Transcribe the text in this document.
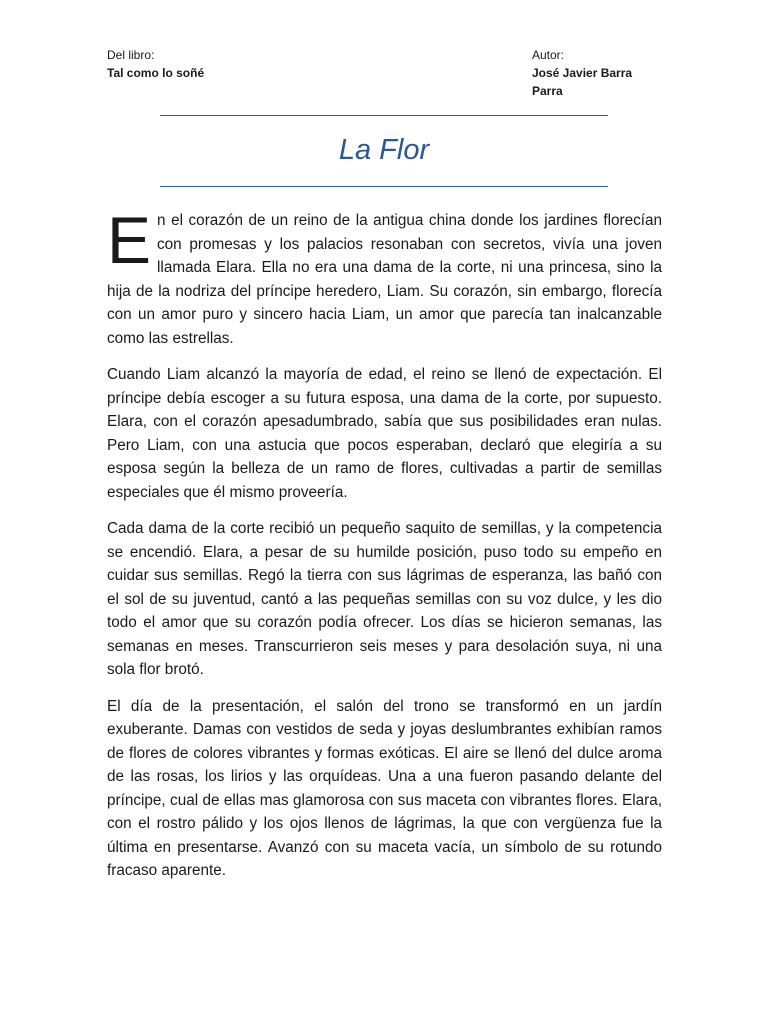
Del libro:
Tal como lo soñé
Autor:
José Javier Barra Parra
La Flor

En el corazón de un reino de la antigua china donde los jardines florecían con promesas y los palacios resonaban con secretos, vivía una joven llamada Elara. Ella no era una dama de la corte, ni una princesa, sino la hija de la nodriza del príncipe heredero, Liam. Su corazón, sin embargo, florecía con un amor puro y sincero hacia Liam, un amor que parecía tan inalcanzable como las estrellas.

Cuando Liam alcanzó la mayoría de edad, el reino se llenó de expectación. El príncipe debía escoger a su futura esposa, una dama de la corte, por supuesto. Elara, con el corazón apesadumbrado, sabía que sus posibilidades eran nulas. Pero Liam, con una astucia que pocos esperaban, declaró que elegiría a su esposa según la belleza de un ramo de flores, cultivadas a partir de semillas especiales que él mismo proveería.

Cada dama de la corte recibió un pequeño saquito de semillas, y la competencia se encendió. Elara, a pesar de su humilde posición, puso todo su empeño en cuidar sus semillas. Regó la tierra con sus lágrimas de esperanza, las bañó con el sol de su juventud, cantó a las pequeñas semillas con su voz dulce, y les dio todo el amor que su corazón podía ofrecer. Los días se hicieron semanas, las semanas en meses. Transcurrieron seis meses y para desolación suya, ni una sola flor brotó.

El día de la presentación, el salón del trono se transformó en un jardín exuberante. Damas con vestidos de seda y joyas deslumbrantes exhibían ramos de flores de colores vibrantes y formas exóticas. El aire se llenó del dulce aroma de las rosas, los lirios y las orquídeas. Una a una fueron pasando delante del príncipe, cual de ellas mas glamorosa con sus maceta con vibrantes flores. Elara, con el rostro pálido y los ojos llenos de lágrimas, la que con vergüenza fue la última en presentarse. Avanzó con su maceta vacía, un símbolo de su rotundo fracaso aparente.
